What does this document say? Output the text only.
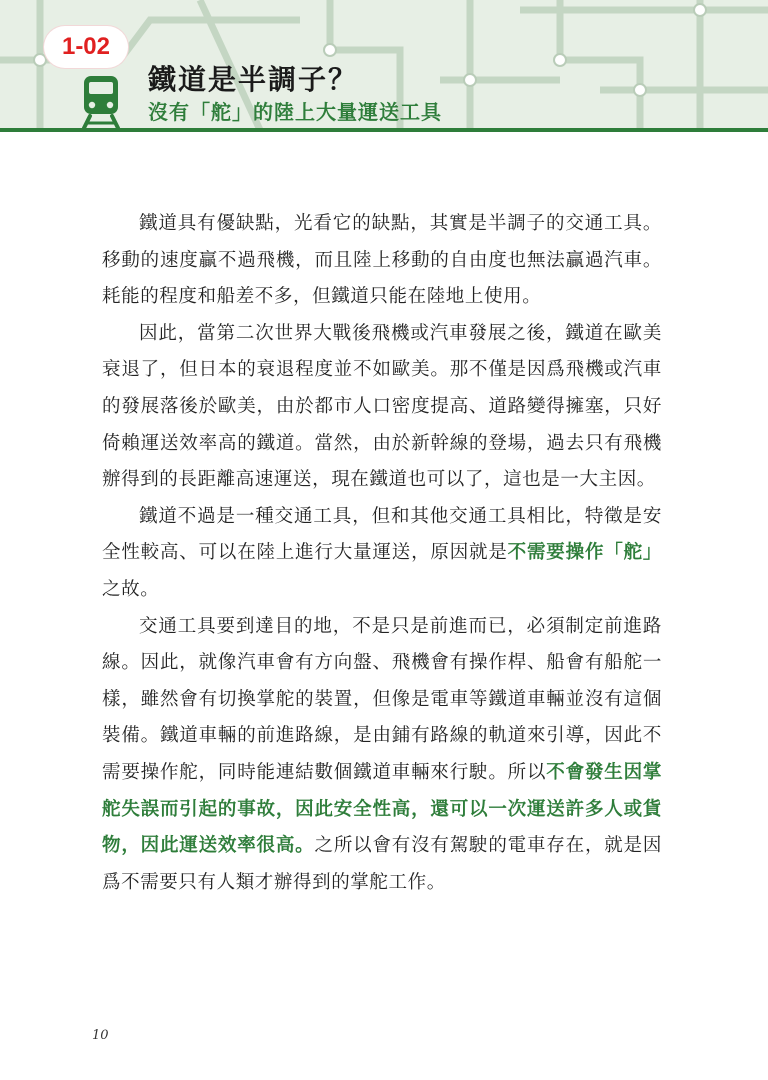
1-02
鐵道是半調子？
沒有「舵」的陸上大量運送工具

鐵道具有優缺點，光看它的缺點，其實是半調子的交通工具。移動的速度贏不過飛機，而且陸上移動的自由度也無法贏過汽車。耗能的程度和船差不多，但鐵道只能在陸地上使用。

因此，當第二次世界大戰後飛機或汽車發展之後，鐵道在歐美衰退了，但日本的衰退程度並不如歐美。那不僅是因爲飛機或汽車的發展落後於歐美，由於都市人口密度提高、道路變得擁塞，只好倚賴運送效率高的鐵道。當然，由於新幹線的登場，過去只有飛機辦得到的長距離高速運送，現在鐵道也可以了，這也是一大主因。

鐵道不過是一種交通工具，但和其他交通工具相比，特徵是安全性較高、可以在陸上進行大量運送，原因就是不需要操作「舵」之故。

交通工具要到達目的地，不是只是前進而已，必須制定前進路線。因此，就像汽車會有方向盤、飛機會有操作桿、船會有船舵一樣，雖然會有切換掌舵的裝置，但像是電車等鐵道車輛並沒有這個裝備。鐵道車輛的前進路線，是由鋪有路線的軌道來引導，因此不需要操作舵，同時能連結數個鐵道車輛來行駛。所以不會發生因掌舵失誤而引起的事故，因此安全性高，還可以一次運送許多人或貨物，因此運送效率很高。之所以會有沒有駕駛的電車存在，就是因爲不需要只有人類才辦得到的掌舵工作。

10
